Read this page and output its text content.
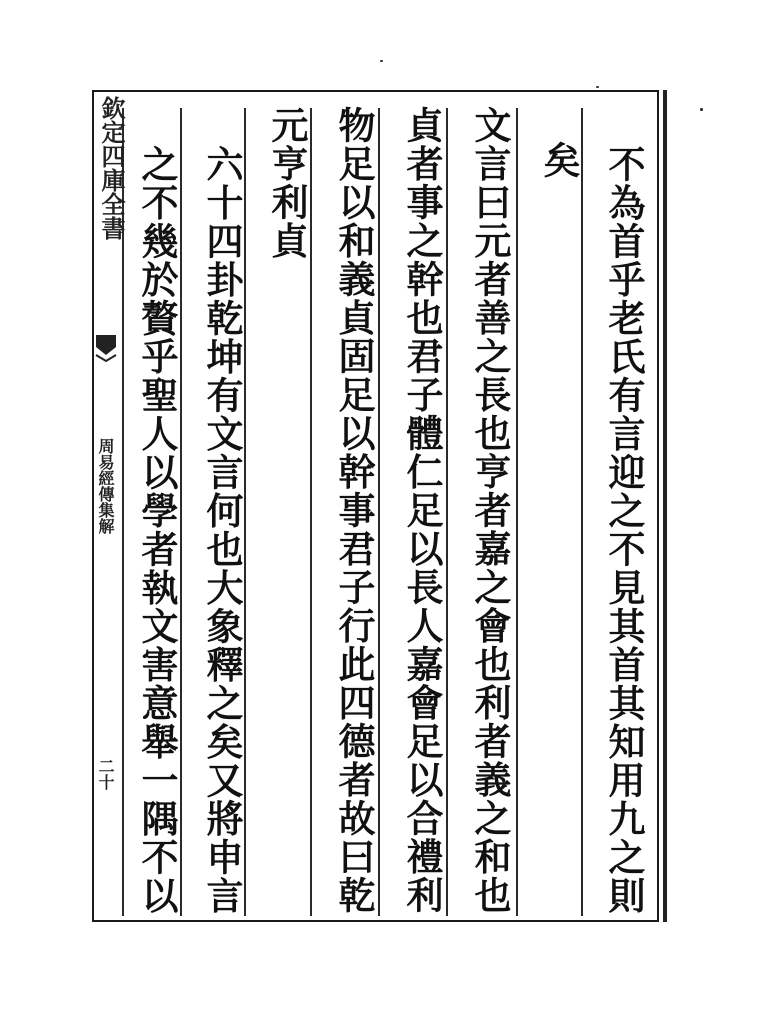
欽定四庫全書
周易經傳集解
二十	不為首乎老氏有言迎之不見其首其知用九之則
矣
文言曰元者善之長也亨者嘉之會也利者義之和也
貞者事之幹也君子體仁足以長人嘉會足以合禮利
物足以和義貞固足以幹事君子行此四德者故曰乾
元亨利貞
六十四卦乾坤有文言何也大象釋之矣又將申言
之不幾於贅乎聖人以學者執文害意舉一隅不以
